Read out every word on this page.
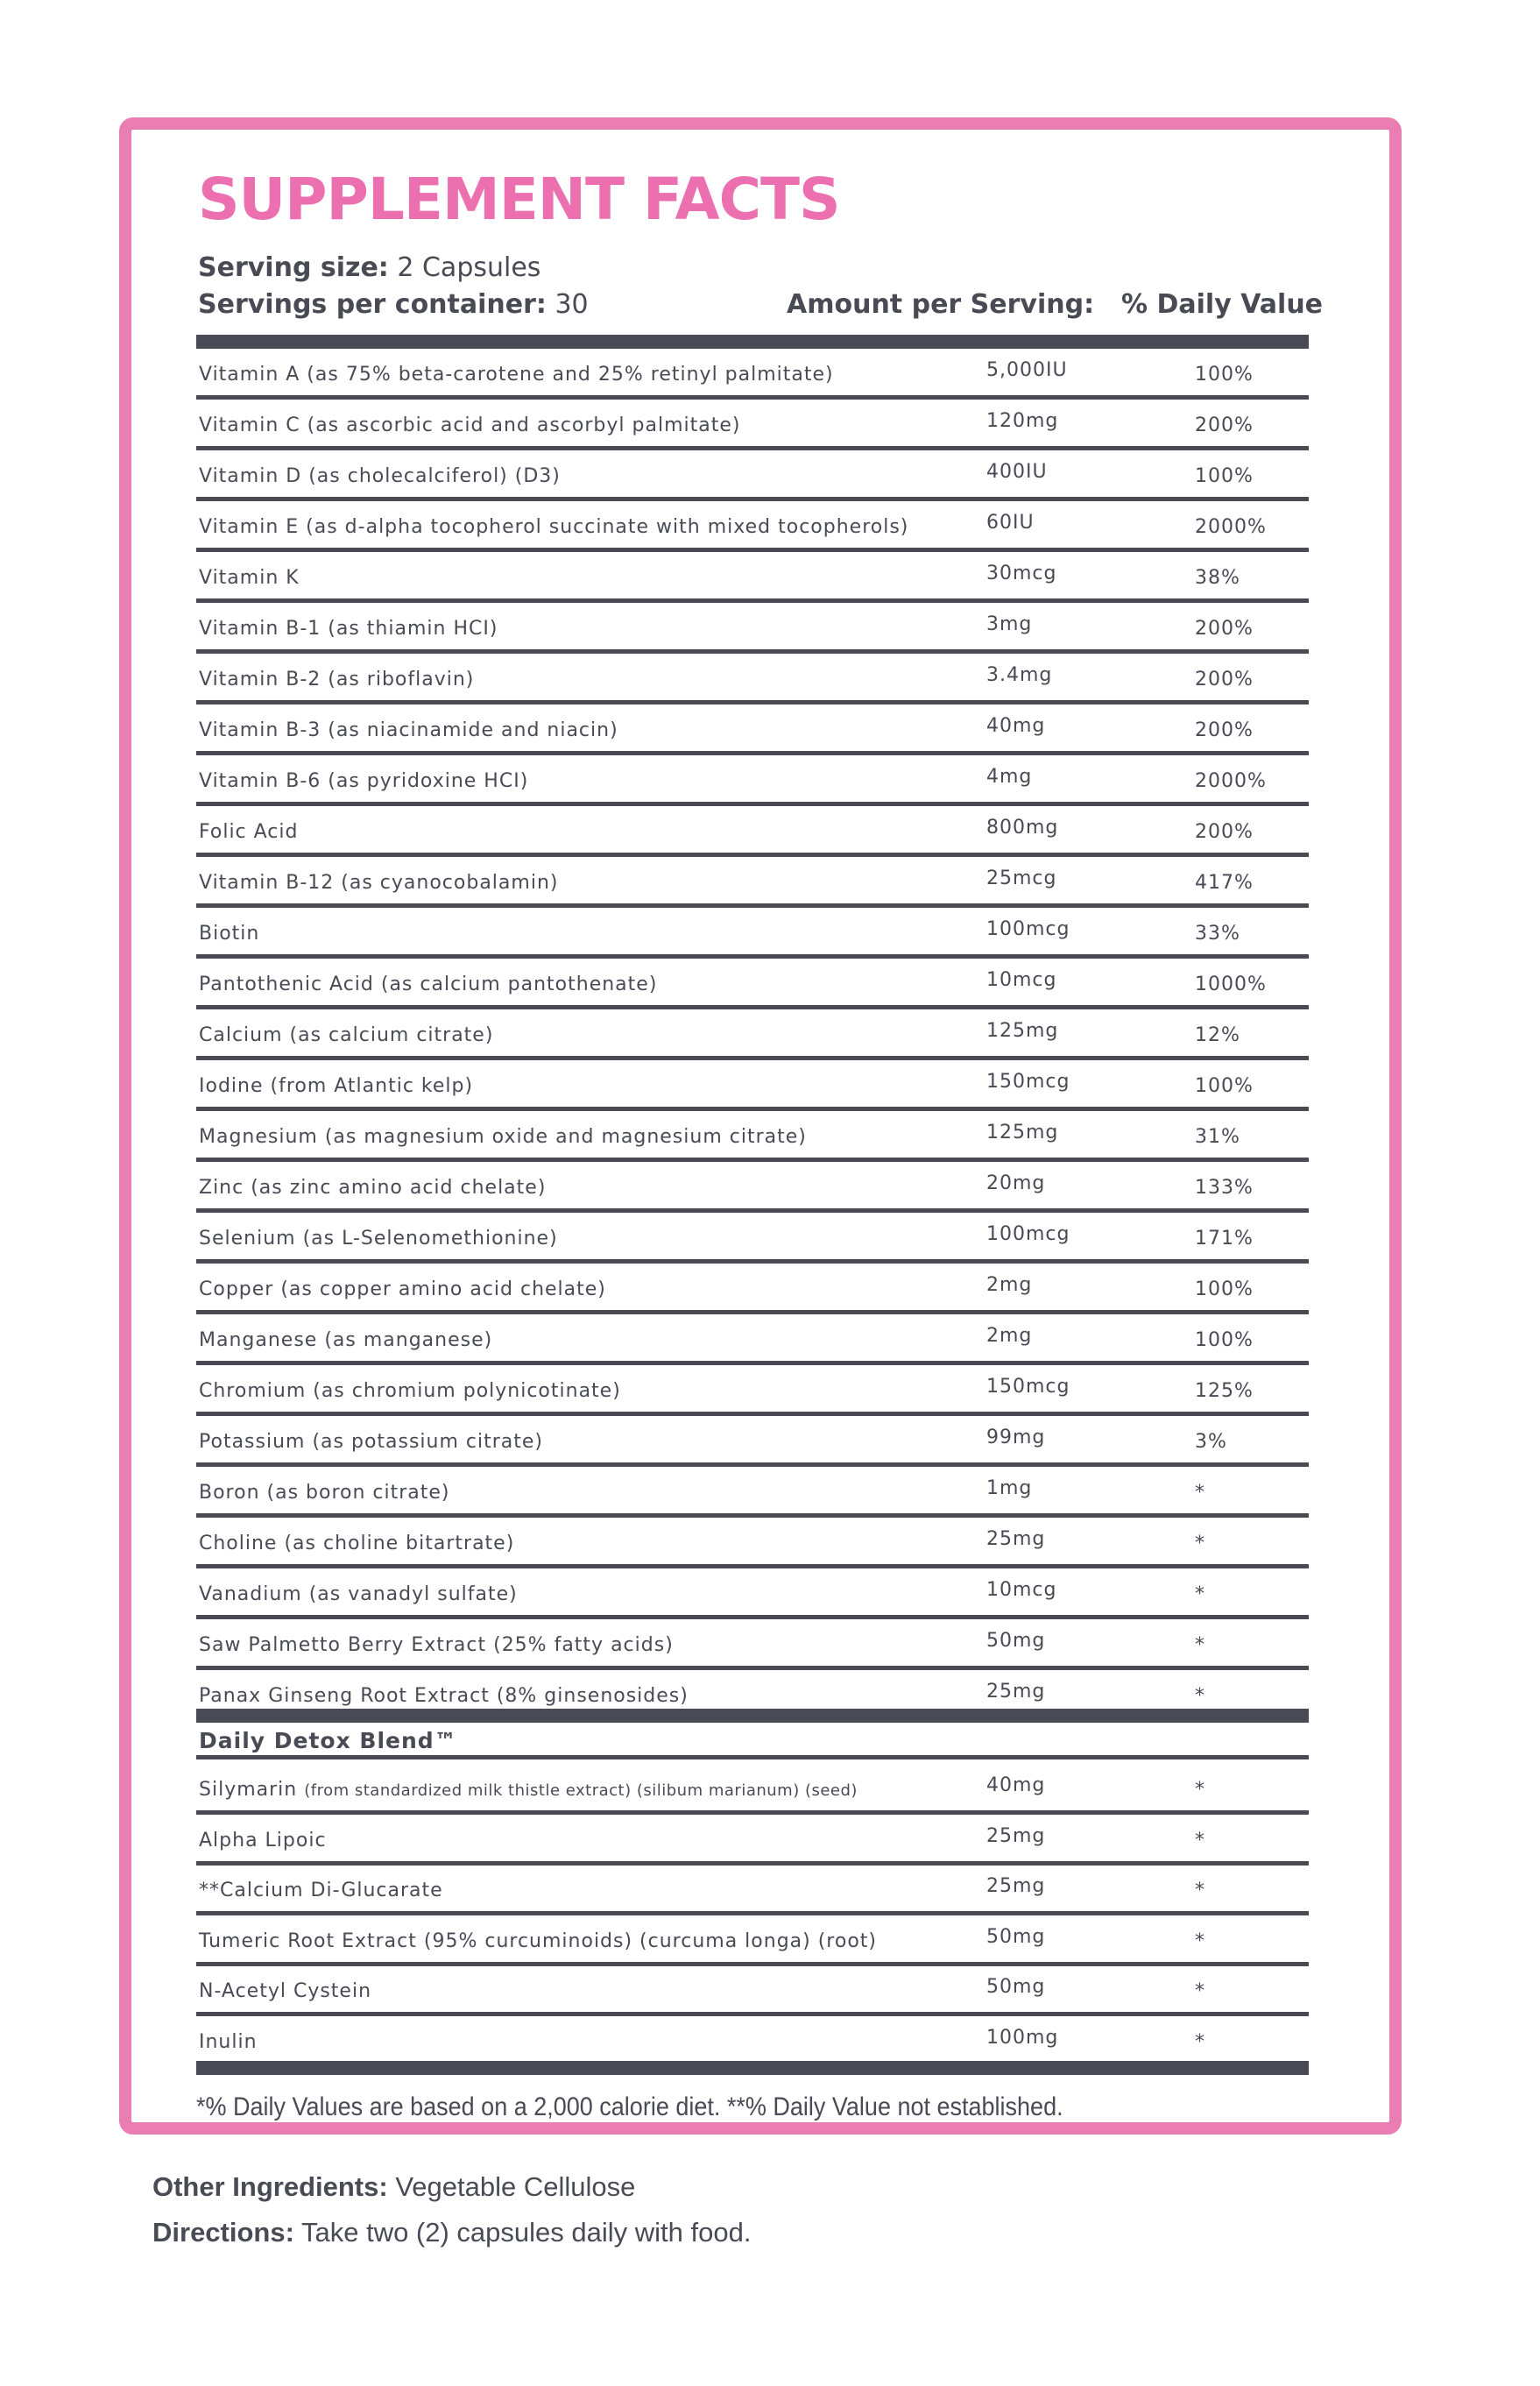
SUPPLEMENT FACTS
Serving size: 2 Capsules
Servings per container: 30	Amount per Serving: % Daily Value
Vitamin A (as 75% beta-carotene and 25% retinyl palmitate)	5,000IU	100%
Vitamin C (as ascorbic acid and ascorbyl palmitate)	120mg	200%
Vitamin D (as cholecalciferol) (D3)	400IU	100%
Vitamin E (as d-alpha tocopherol succinate with mixed tocopherols)	60IU	2000%
Vitamin K	30mcg	38%
Vitamin B-1 (as thiamin HCI)	3mg	200%
Vitamin B-2 (as riboflavin)	3.4mg	200%
Vitamin B-3 (as niacinamide and niacin)	40mg	200%
Vitamin B-6 (as pyridoxine HCI)	4mg	2000%
Folic Acid	800mg	200%
Vitamin B-12 (as cyanocobalamin)	25mcg	417%
Biotin	100mcg	33%
Pantothenic Acid (as calcium pantothenate)	10mcg	1000%
Calcium (as calcium citrate)	125mg	12%
Iodine (from Atlantic kelp)	150mcg	100%
Magnesium (as magnesium oxide and magnesium citrate)	125mg	31%
Zinc (as zinc amino acid chelate)	20mg	133%
Selenium (as L-Selenomethionine)	100mcg	171%
Copper (as copper amino acid chelate)	2mg	100%
Manganese (as manganese)	2mg	100%
Chromium (as chromium polynicotinate)	150mcg	125%
Potassium (as potassium citrate)	99mg	3%
Boron (as boron citrate)	1mg	*
Choline (as choline bitartrate)	25mg	*
Vanadium (as vanadyl sulfate)	10mcg	*
Saw Palmetto Berry Extract (25% fatty acids)	50mg	*
Panax Ginseng Root Extract (8% ginsenosides)	25mg	*
Daily Detox Blend™
Silymarin (from standardized milk thistle extract) (silibum marianum) (seed)	40mg	*
Alpha Lipoic	25mg	*
**Calcium Di-Glucarate	25mg	*
Tumeric Root Extract (95% curcuminoids) (curcuma longa) (root)	50mg	*
N-Acetyl Cystein	50mg	*
Inulin	100mg	*
*% Daily Values are based on a 2,000 calorie diet. **% Daily Value not established.
Other Ingredients: Vegetable Cellulose
Directions: Take two (2) capsules daily with food.
